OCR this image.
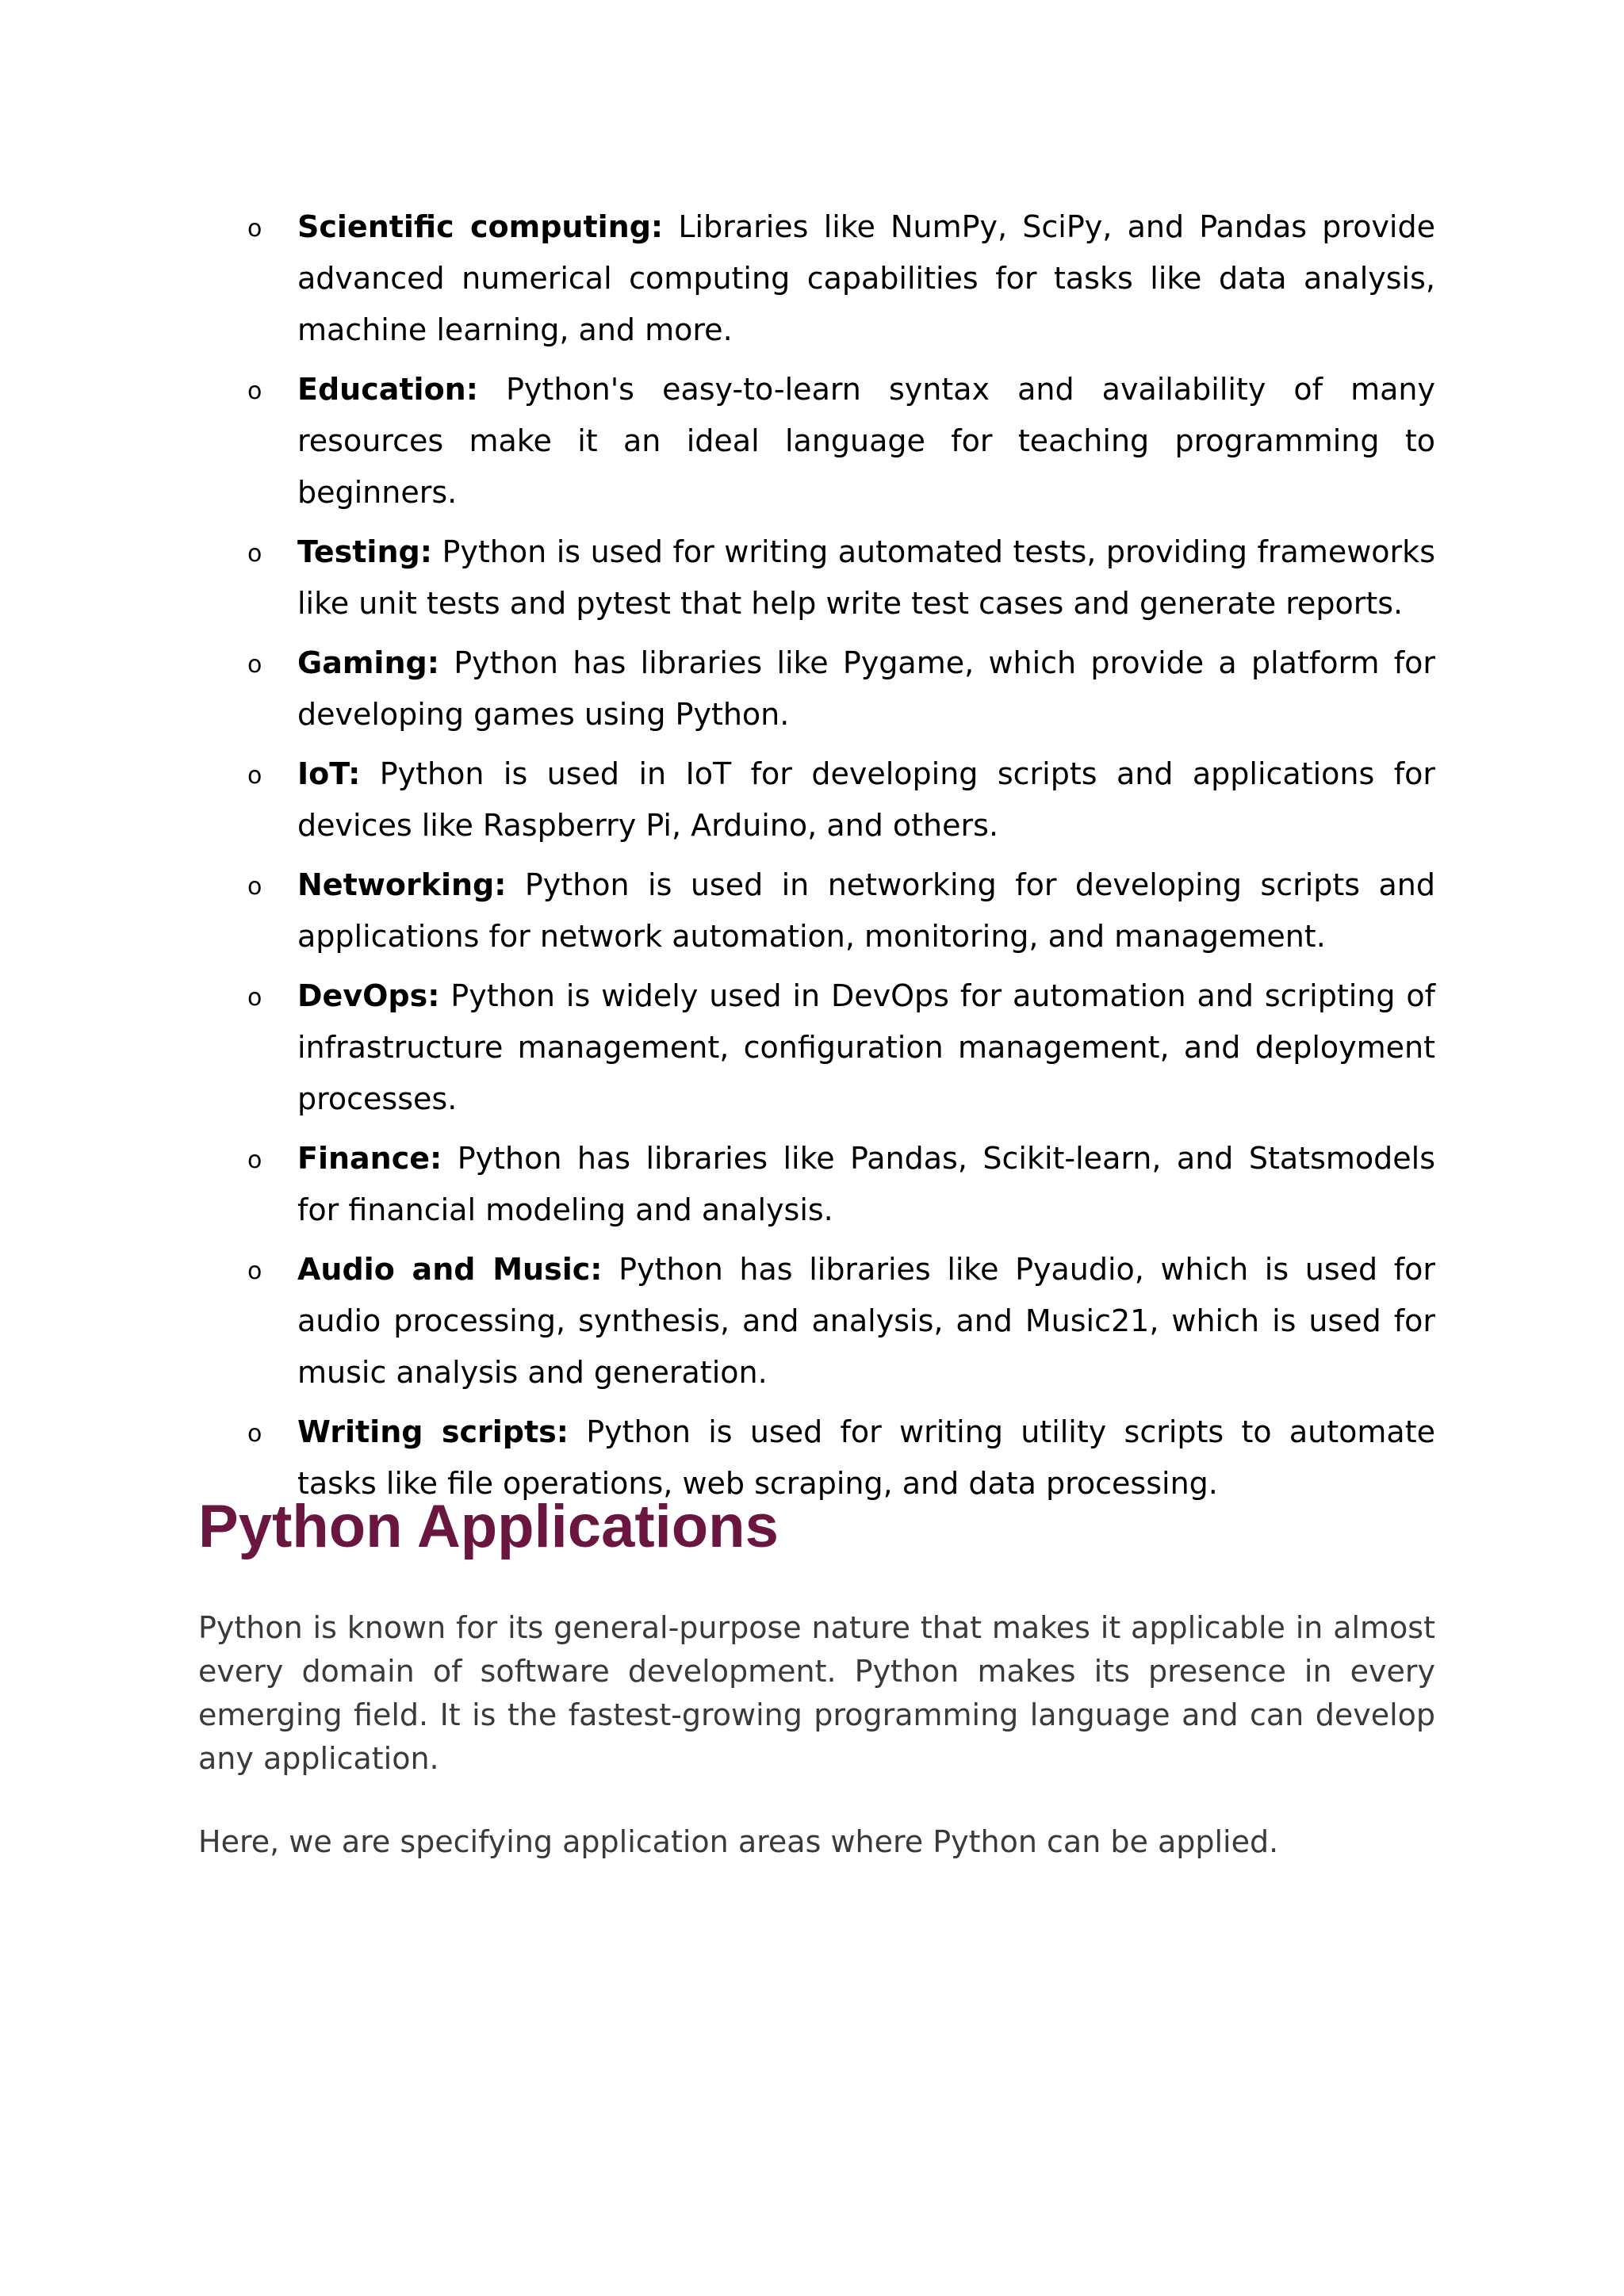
o Scientific computing: Libraries like NumPy, SciPy, and Pandas provide advanced numerical computing capabilities for tasks like data analysis, machine learning, and more.
o Education: Python's easy-to-learn syntax and availability of many resources make it an ideal language for teaching programming to beginners.
o Testing: Python is used for writing automated tests, providing frameworks like unit tests and pytest that help write test cases and generate reports.
o Gaming: Python has libraries like Pygame, which provide a platform for developing games using Python.
o IoT: Python is used in IoT for developing scripts and applications for devices like Raspberry Pi, Arduino, and others.
o Networking: Python is used in networking for developing scripts and applications for network automation, monitoring, and management.
o DevOps: Python is widely used in DevOps for automation and scripting of infrastructure management, configuration management, and deployment processes.
o Finance: Python has libraries like Pandas, Scikit-learn, and Statsmodels for financial modeling and analysis.
o Audio and Music: Python has libraries like Pyaudio, which is used for audio processing, synthesis, and analysis, and Music21, which is used for music analysis and generation.
o Writing scripts: Python is used for writing utility scripts to automate tasks like file operations, web scraping, and data processing.
Python Applications

Python is known for its general-purpose nature that makes it applicable in almost every domain of software development. Python makes its presence in every emerging field. It is the fastest-growing programming language and can develop any application.

Here, we are specifying application areas where Python can be applied.
